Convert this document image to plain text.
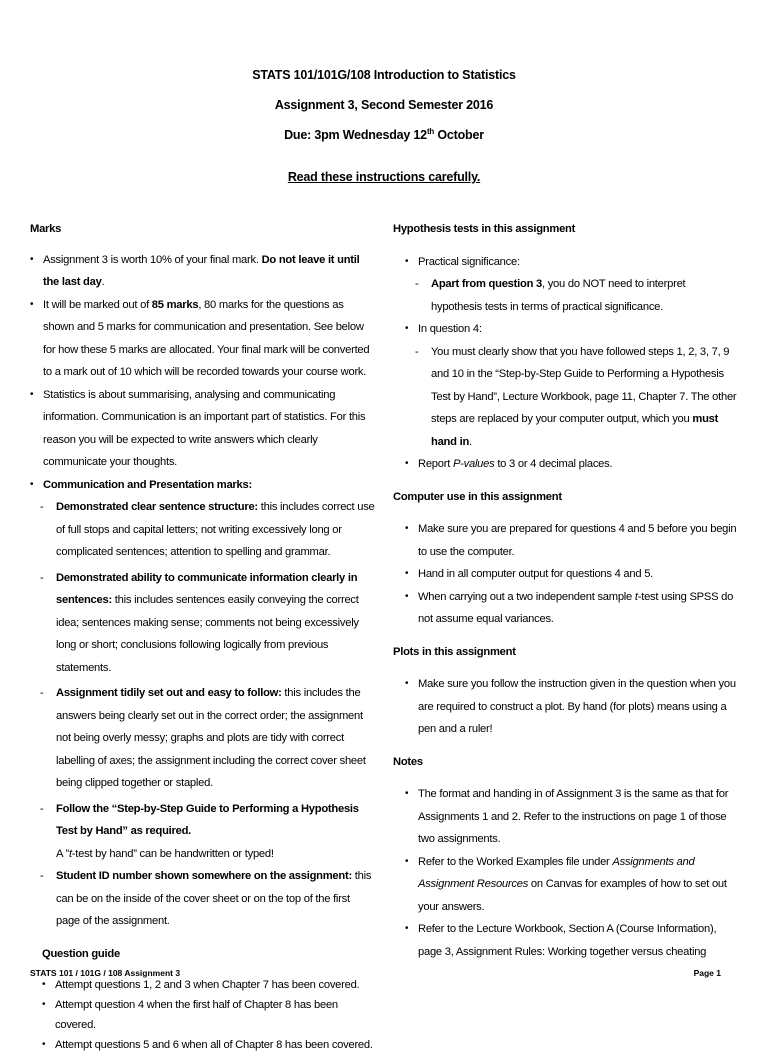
STATS 101/101G/108 Introduction to Statistics
Assignment 3, Second Semester 2016
Due: 3pm Wednesday 12th October
Read these instructions carefully.
Marks
• Assignment 3 is worth 10% of your final mark. Do not leave it until the last day.
• It will be marked out of 85 marks, 80 marks for the questions as shown and 5 marks for communication and presentation. See below for how these 5 marks are allocated. Your final mark will be converted to a mark out of 10 which will be recorded towards your course work.
• Statistics is about summarising, analysing and communicating information. Communication is an important part of statistics. For this reason you will be expected to write answers which clearly communicate your thoughts.
• Communication and Presentation marks:
- Demonstrated clear sentence structure: this includes correct use of full stops and capital letters; not writing excessively long or complicated sentences; attention to spelling and grammar.
- Demonstrated ability to communicate information clearly in sentences: this includes sentences easily conveying the correct idea; sentences making sense; comments not being excessively long or short; conclusions following logically from previous statements.
- Assignment tidily set out and easy to follow: this includes the answers being clearly set out in the correct order; the assignment not being overly messy; graphs and plots are tidy with correct labelling of axes; the assignment including the correct cover sheet being clipped together or stapled.
- Follow the “Step-by-Step Guide to Performing a Hypothesis Test by Hand” as required.
A ”t-test by hand” can be handwritten or typed!
- Student ID number shown somewhere on the assignment: this can be on the inside of the cover sheet or on the top of the first page of the assignment.
Question guide
• Attempt questions 1, 2 and 3 when Chapter 7 has been covered.
• Attempt question 4 when the first half of Chapter 8 has been covered.
• Attempt questions 5 and 6 when all of Chapter 8 has been covered.
Hypothesis tests in this assignment
• Practical significance:
- Apart from question 3, you do NOT need to interpret hypothesis tests in terms of practical significance.
• In question 4:
- You must clearly show that you have followed steps 1, 2, 3, 7, 9 and 10 in the “Step-by-Step Guide to Performing a Hypothesis Test by Hand”, Lecture Workbook, page 11, Chapter 7. The other steps are replaced by your computer output, which you must hand in.
• Report P-values to 3 or 4 decimal places.
Computer use in this assignment
• Make sure you are prepared for questions 4 and 5 before you begin to use the computer.
• Hand in all computer output for questions 4 and 5.
• When carrying out a two independent sample t-test using SPSS do not assume equal variances.
Plots in this assignment
• Make sure you follow the instruction given in the question when you are required to construct a plot. By hand (for plots) means using a pen and a ruler!
Notes
• The format and handing in of Assignment 3 is the same as that for Assignments 1 and 2. Refer to the instructions on page 1 of those two assignments.
• Refer to the Worked Examples file under Assignments and Assignment Resources on Canvas for examples of how to set out your answers.
• Refer to the Lecture Workbook, Section A (Course Information), page 3, Assignment Rules: Working together versus cheating
STATS 101 / 101G / 108 Assignment 3	Page 1
